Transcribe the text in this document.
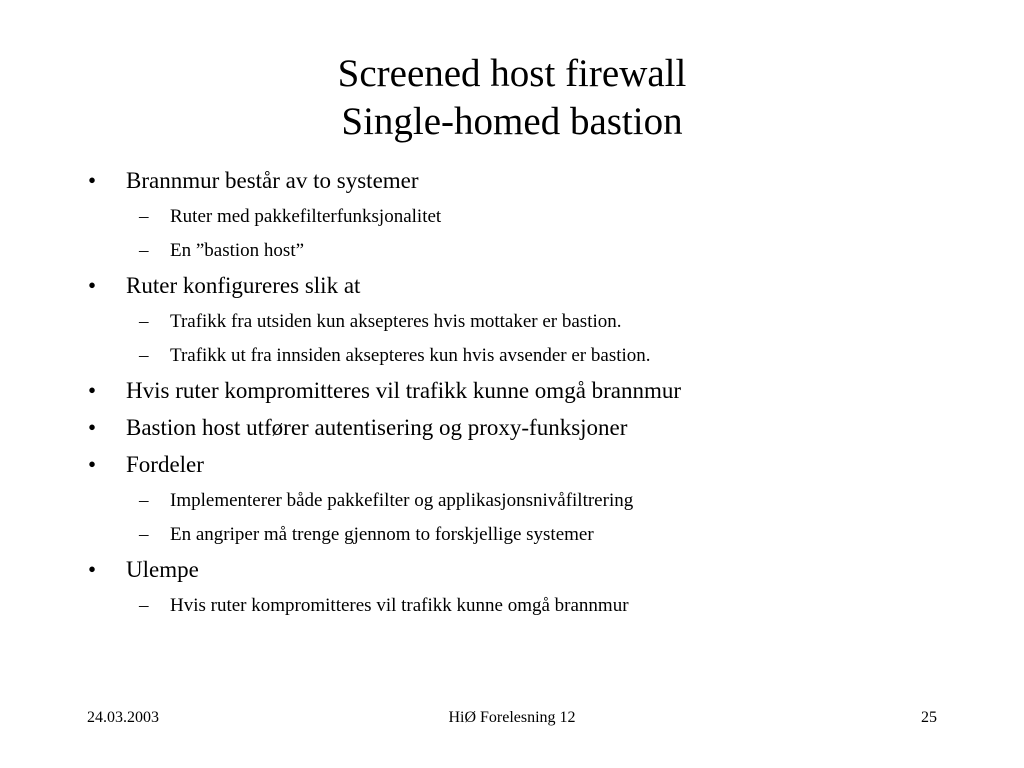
Screened host firewall
Single-homed bastion
• Brannmur består av to systemer
– Ruter med pakkefilterfunksjonalitet
– En ”bastion host”
• Ruter konfigureres slik at
– Trafikk fra utsiden kun aksepteres hvis mottaker er bastion.
– Trafikk ut fra innsiden aksepteres kun hvis avsender er bastion.
• Hvis ruter kompromitteres vil trafikk kunne omgå brannmur
• Bastion host utfører autentisering og proxy-funksjoner
• Fordeler
– Implementerer både pakkefilter og applikasjonsnivåfiltrering
– En angriper må trenge gjennom to forskjellige systemer
• Ulempe
– Hvis ruter kompromitteres vil trafikk kunne omgå brannmur
24.03.2003	HiØ Forelesning 12	25
